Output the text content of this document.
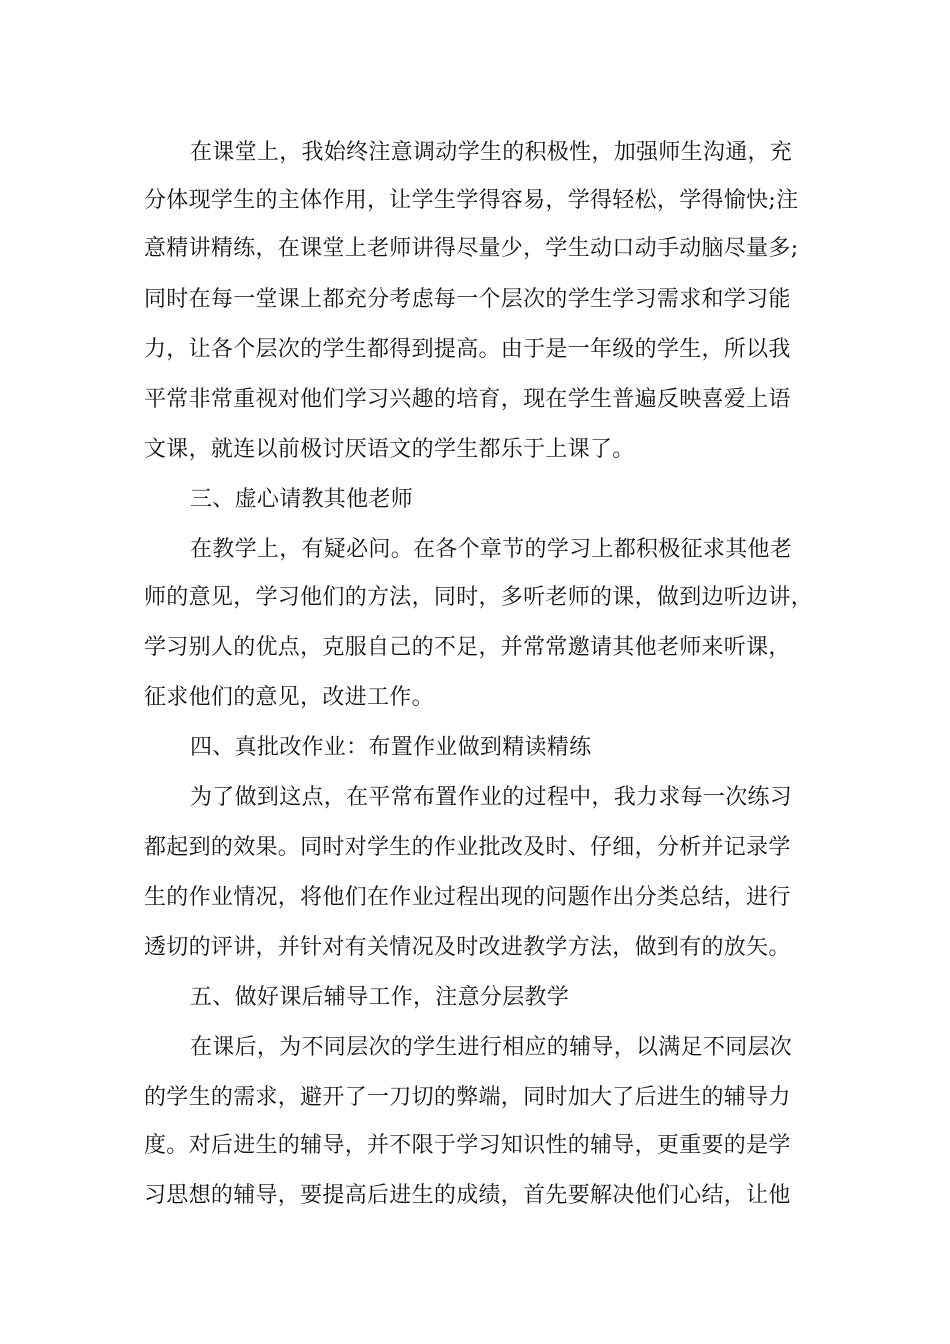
在课堂上，我始终注意调动学生的积极性，加强师生沟通，充
分体现学生的主体作用，让学生学得容易，学得轻松，学得愉快;注
意精讲精练，在课堂上老师讲得尽量少，学生动口动手动脑尽量多;
同时在每一堂课上都充分考虑每一个层次的学生学习需求和学习能
力，让各个层次的学生都得到提高。由于是一年级的学生，所以我
平常非常重视对他们学习兴趣的培育，现在学生普遍反映喜爱上语
文课，就连以前极讨厌语文的学生都乐于上课了。
三、虚心请教其他老师
在教学上，有疑必问。在各个章节的学习上都积极征求其他老
师的意见，学习他们的方法，同时，多听老师的课，做到边听边讲，
学习别人的优点，克服自己的不足，并常常邀请其他老师来听课，
征求他们的意见，改进工作。
四、真批改作业：布置作业做到精读精练
为了做到这点，在平常布置作业的过程中，我力求每一次练习
都起到的效果。同时对学生的作业批改及时、仔细，分析并记录学
生的作业情况，将他们在作业过程出现的问题作出分类总结，进行
透切的评讲，并针对有关情况及时改进教学方法，做到有的放矢。
五、做好课后辅导工作，注意分层教学
在课后，为不同层次的学生进行相应的辅导，以满足不同层次
的学生的需求，避开了一刀切的弊端，同时加大了后进生的辅导力
度。对后进生的辅导，并不限于学习知识性的辅导，更重要的是学
习思想的辅导，要提高后进生的成绩，首先要解决他们心结，让他
